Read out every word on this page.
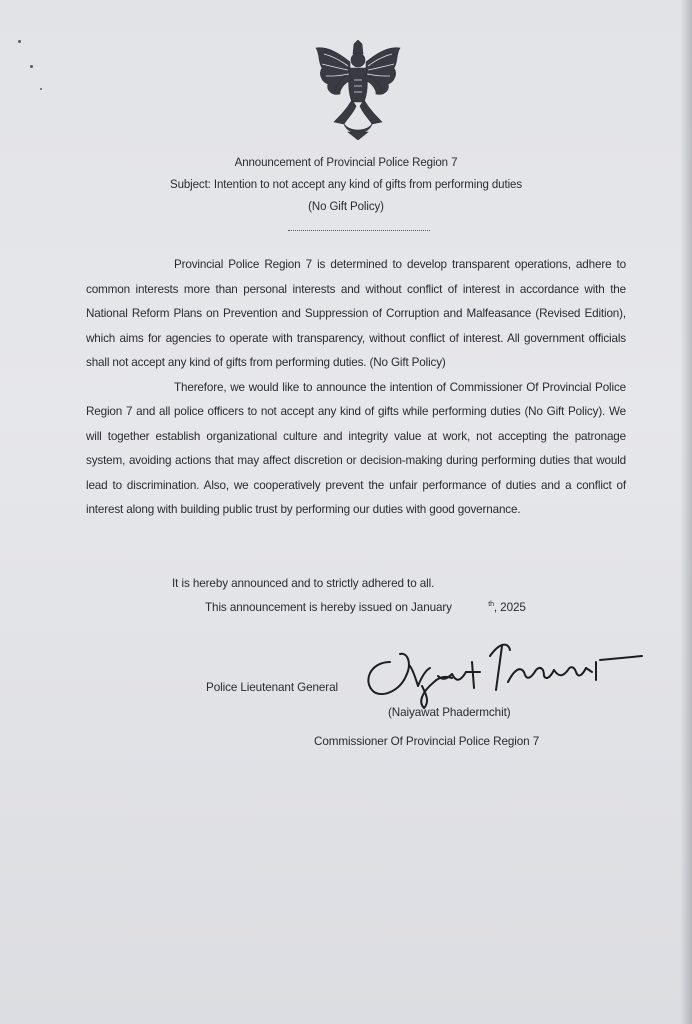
Announcement of Provincial Police Region 7
Subject: Intention to not accept any kind of gifts from performing duties
(No Gift Policy)

Provincial Police Region 7 is determined to develop transparent operations, adhere to common interests more than personal interests and without conflict of interest in accordance with the National Reform Plans on Prevention and Suppression of Corruption and Malfeasance (Revised Edition), which aims for agencies to operate with transparency, without conflict of interest. All government officials shall not accept any kind of gifts from performing duties. (No Gift Policy)

Therefore, we would like to announce the intention of Commissioner Of Provincial Police Region 7 and all police officers to not accept any kind of gifts while performing duties (No Gift Policy). We will together establish organizational culture and integrity value at work, not accepting the patronage system, avoiding actions that may affect discretion or decision-making during performing duties that would lead to discrimination. Also, we cooperatively prevent the unfair performance of duties and a conflict of interest along with building public trust by performing our duties with good governance.

It is hereby announced and to strictly adhered to all.
This announcement is hereby issued on January	$^{th}$, 2025
Police Lieutenant General
(Naiyawat Phadermchit)
Commissioner Of Provincial Police Region 7
